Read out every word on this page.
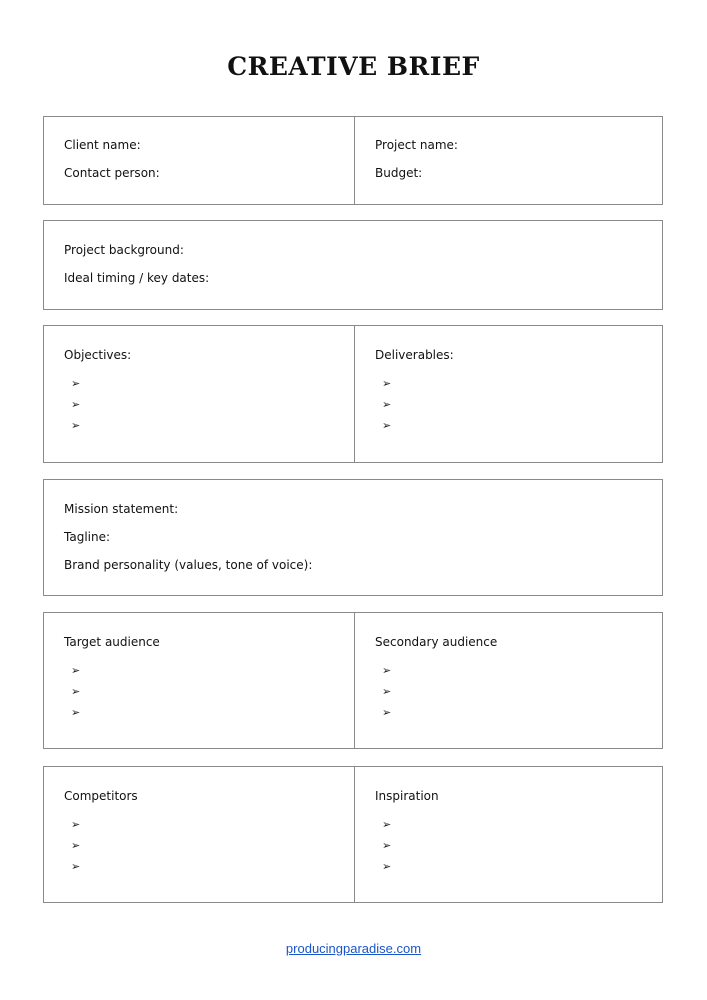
CREATIVE BRIEF
Client name:
Contact person:
Project name:
Budget:
Project background:
Ideal timing / key dates:
Objectives:
➢
➢
➢
Deliverables:
➢
➢
➢
Mission statement:
Tagline:
Brand personality (values, tone of voice):
Target audience
➢
➢
➢
Secondary audience
➢
➢
➢
Competitors
➢
➢
➢
Inspiration
➢
➢
➢
producingparadise.com
